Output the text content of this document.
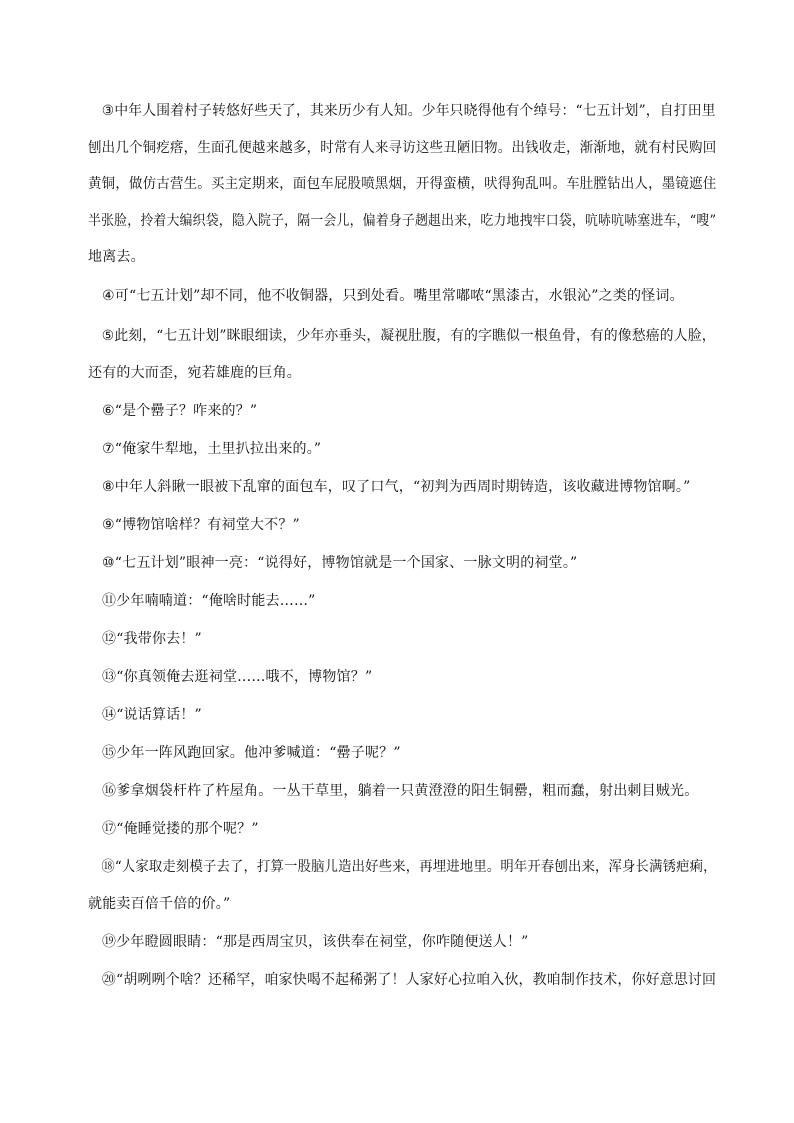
③中年人围着村子转悠好些天了，其来历少有人知。少年只晓得他有个绰号：“七五计划”，自打田里
刨出几个铜疙瘩，生面孔便越来越多，时常有人来寻访这些丑陋旧物。出钱收走，渐渐地，就有村民购回
黄铜，做仿古营生。买主定期来，面包车屁股喷黑烟，开得蛮横，吠得狗乱叫。车肚膛钻出人，墨镜遮住
半张脸，拎着大编织袋，隐入院子，隔一会儿，偏着身子趔趄出来，吃力地拽牢口袋，吭哧吭哧塞进车，“嗖”
地离去。
④可“七五计划”却不同，他不收铜器，只到处看。嘴里常嘟哝“黑漆古，水银沁”之类的怪词。
⑤此刻，“七五计划”眯眼细读，少年亦垂头，凝视肚腹，有的字瞧似一根鱼骨，有的像愁癌的人脸，
还有的大而歪，宛若雄鹿的巨角。
⑥“是个罍子？咋来的？”
⑦“俺家牛犁地，土里扒拉出来的。”
⑧中年人斜瞅一眼被下乱窜的面包车，叹了口气，“初判为西周时期铸造，该收藏进博物馆啊。”
⑨“博物馆啥样？有祠堂大不？”
⑩“七五计划”眼神一亮：“说得好，博物馆就是一个国家、一脉文明的祠堂。”
⑪少年喃喃道：“俺啥时能去……”
⑫“我带你去！”
⑬“你真领俺去逛祠堂……哦不，博物馆？”
⑭“说话算话！”
⑮少年一阵风跑回家。他冲爹喊道：“罍子呢？”
⑯爹拿烟袋杆杵了杵屋角。一丛干草里，躺着一只黄澄澄的阳生铜罍，粗而蠢，射出刺目贼光。
⑰“俺睡觉搂的那个呢？”
⑱“人家取走刻模子去了，打算一股脑儿造出好些来，再埋进地里。明年开春刨出来，浑身长满锈疤痢，
就能卖百倍千倍的价。”
⑲少年瞪圆眼睛：“那是西周宝贝，该供奉在祠堂，你咋随便送人！”
⑳“胡咧咧个啥？还稀罕，咱家快喝不起稀粥了！人家好心拉咱入伙，教咱制作技术，你好意思讨回
